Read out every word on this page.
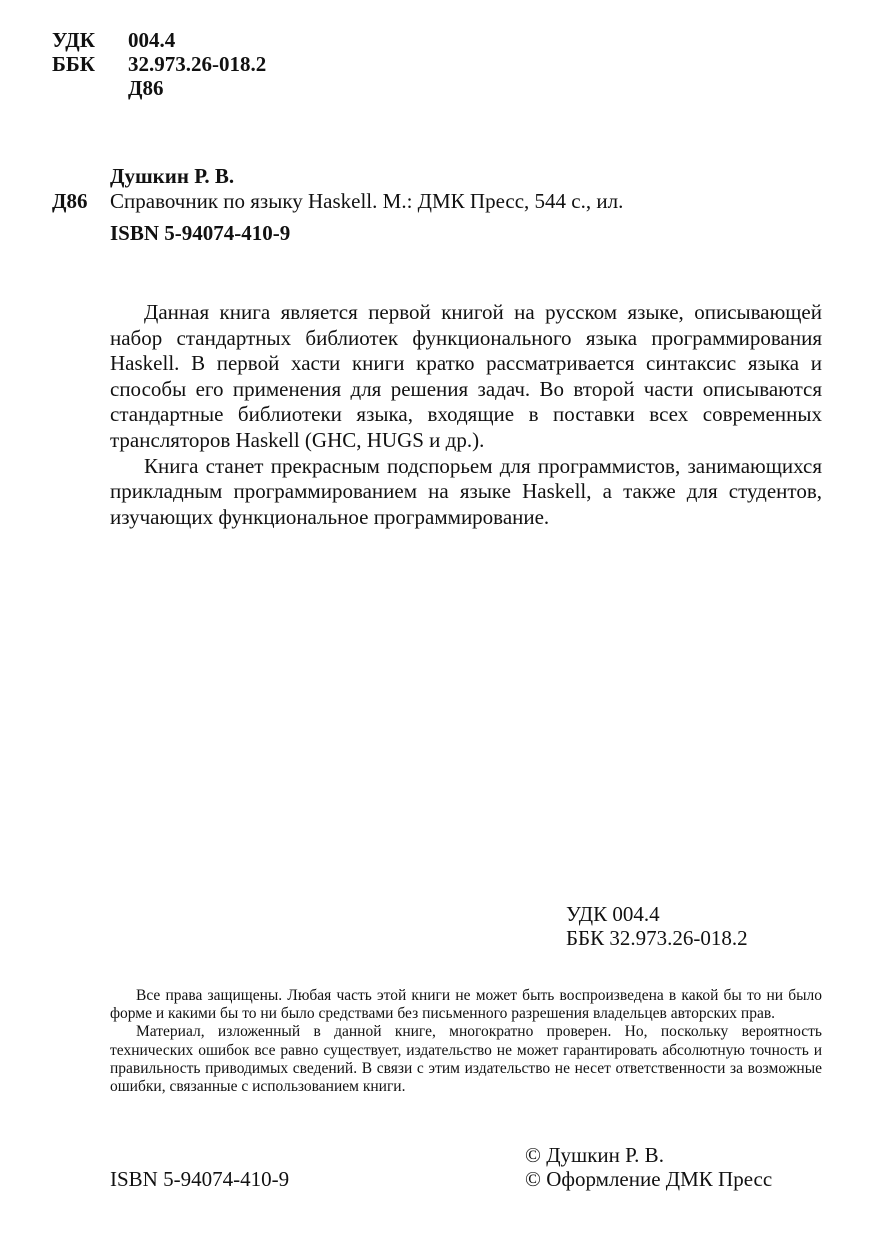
УДК 004.4
ББК 32.973.26-018.2
Д86
Душкин Р. В.
Д86 Справочник по языку Haskell. М.: ДМК Пресс, 544 с., ил.
ISBN 5-94074-410-9

Данная книга является первой книгой на русском языке, описывающей набор стандартных библиотек функционального языка программирования Haskell. В первой хасти книги кратко рассматривается синтаксис языка и способы его применения для решения задач. Во второй части описываются стандартные библиотеки языка, входящие в поставки всех современных трансляторов Haskell (GHC, HUGS и др.).

Книга станет прекрасным подспорьем для программистов, занимающихся прикладным программированием на языке Haskell, а также для студентов, изучающих функциональное программирование.

УДК 004.4
ББК 32.973.26-018.2

Все права защищены. Любая часть этой книги не может быть воспроизведена в какой бы то ни было форме и какими бы то ни было средствами без письменного разрешения владельцев авторских прав.

Материал, изложенный в данной книге, многократно проверен. Но, поскольку вероятность технических ошибок все равно существует, издательство не может гарантировать абсолютную точность и правильность приводимых сведений. В связи с этим издательство не несет ответственности за возможные ошибки, связанные с использованием книги.

ISBN 5-94074-410-9
© Душкин Р. В.
© Оформление ДМК Пресс
